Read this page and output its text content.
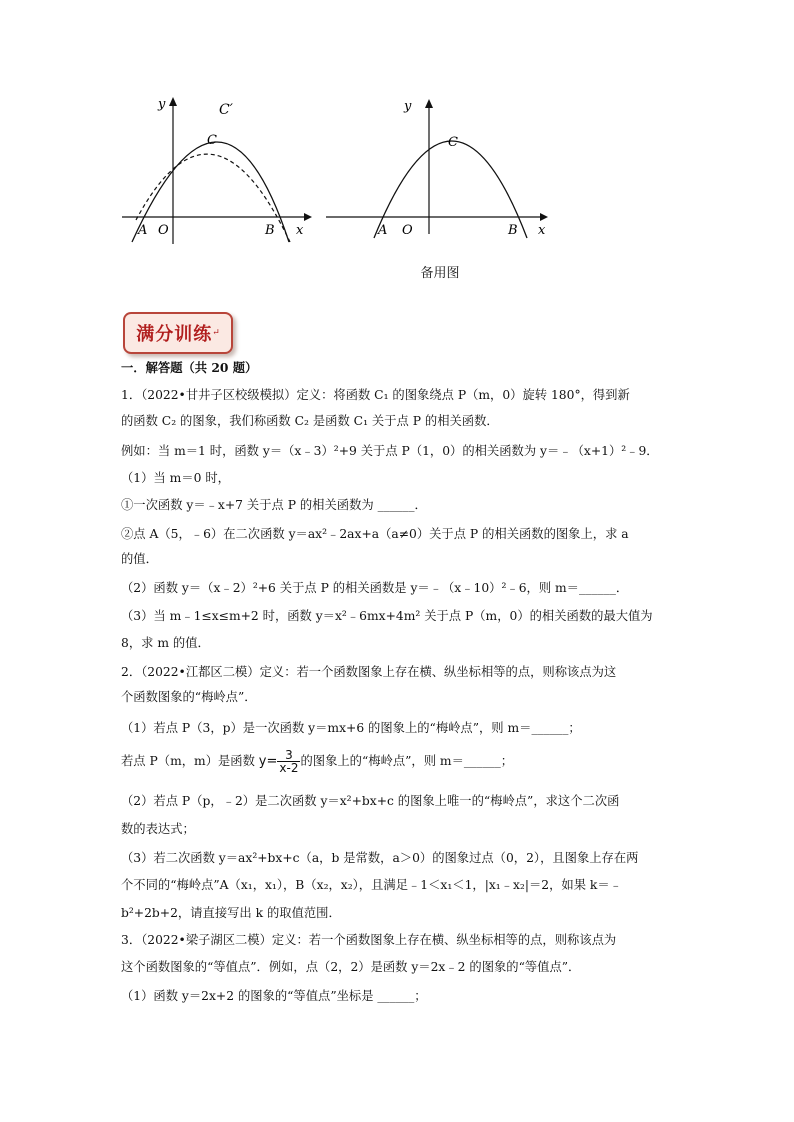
y
x
A O	B
C
C′	y
x
A O	B
C
备用图
满分训练 ↵
一．解答题（共 20 题）
1．（2022•甘井子区校级模拟）定义：将函数 C₁ 的图象绕点 P（m，0）旋转 180°，得到新
的函数 C₂ 的图象，我们称函数 C₂ 是函数 C₁ 关于点 P 的相关函数．
例如：当 m＝1 时，函数 y＝（x﹣3）²+9 关于点 P（1，0）的相关函数为 y＝﹣（x+1）²﹣9．
（1）当 m＝0 时，
①一次函数 y＝﹣x+7 关于点 P 的相关函数为 ______．
②点 A（5，﹣6）在二次函数 y＝ax²﹣2ax+a（a≠0）关于点 P 的相关函数的图象上，求 a
的值．
（2）函数 y＝（x﹣2）²+6 关于点 P 的相关函数是 y＝﹣（x﹣10）²﹣6，则 m＝______．
（3）当 m﹣1≤x≤m+2 时，函数 y＝x²﹣6mx+4m² 关于点 P（m，0）的相关函数的最大值为
8，求 m 的值．
2．（2022•江都区二模）定义：若一个函数图象上存在横、纵坐标相等的点，则称该点为这
个函数图象的“梅岭点”．
（1）若点 P（3，p）是一次函数 y＝mx+6 的图象上的“梅岭点”，则 m＝______；
若点 P（m，m）是函数 $y= \frac{3}{x-2}$ 的图象上的“梅岭点”，则 m＝______；
（2）若点 P（p，﹣2）是二次函数 y＝x²+bx+c 的图象上唯一的“梅岭点”，求这个二次函
数的表达式；
（3）若二次函数 y＝ax²+bx+c（a，b 是常数，a＞0）的图象过点（0，2），且图象上存在两
个不同的“梅岭点”A（x₁，x₁），B（x₂，x₂），且满足﹣1＜x₁＜1，|x₁﹣x₂|＝2，如果 k＝﹣
b²+2b+2，请直接写出 k 的取值范围．
3．（2022•梁子湖区二模）定义：若一个函数图象上存在横、纵坐标相等的点，则称该点为
这个函数图象的“等值点”．例如，点（2，2）是函数 y＝2x﹣2 的图象的“等值点”．
（1）函数 y＝2x+2 的图象的“等值点”坐标是 ______；
